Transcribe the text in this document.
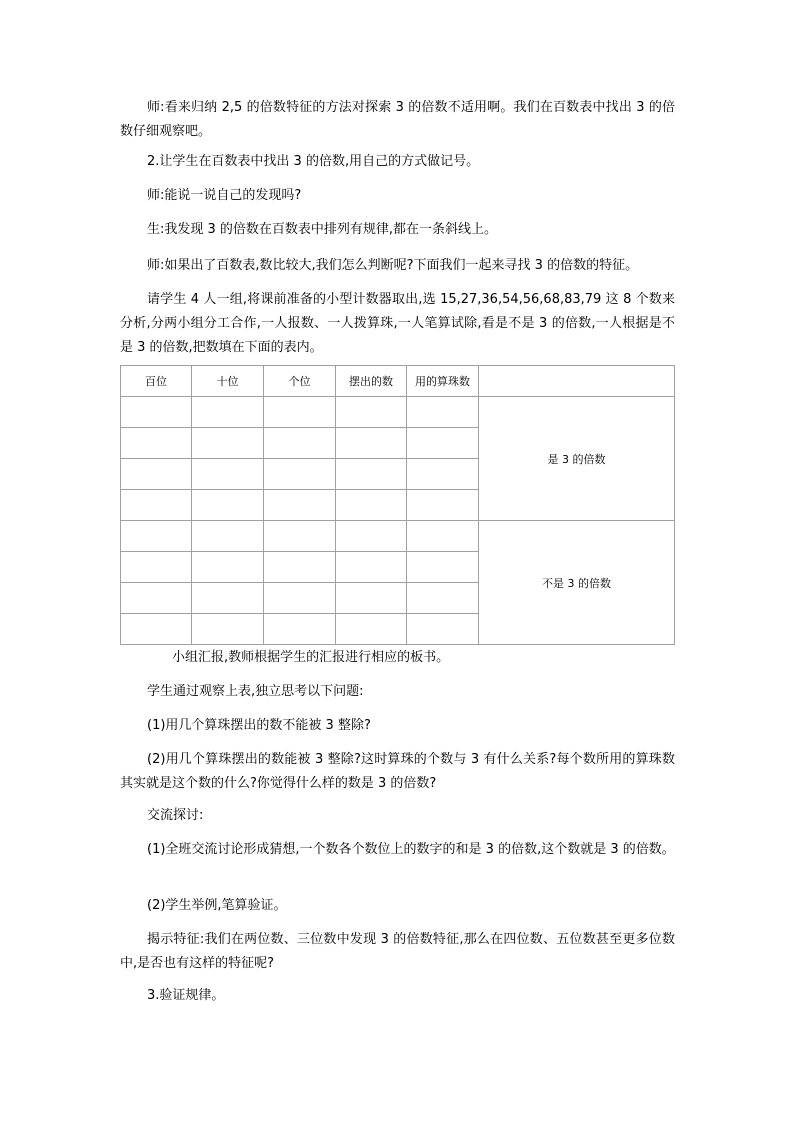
师:看来归纳 2,5 的倍数特征的方法对探索 3 的倍数不适用啊。我们在百数表中找出 3 的倍数仔细观察吧。

2.让学生在百数表中找出 3 的倍数,用自己的方式做记号。

师:能说一说自己的发现吗?

生:我发现 3 的倍数在百数表中排列有规律,都在一条斜线上。

师:如果出了百数表,数比较大,我们怎么判断呢?下面我们一起来寻找 3 的倍数的特征。

请学生 4 人一组,将课前准备的小型计数器取出,选 15,27,36,54,56,68,83,79 这 8 个数来分析,分两小组分工合作,一人报数、一人拨算珠,一人笔算试除,看是不是 3 的倍数,一人根据是不是 3 的倍数,把数填在下面的表内。

百位	十位	个位	摆出的数	用的算珠数	
					是 3 的倍数

					不是 3 的倍数

小组汇报,教师根据学生的汇报进行相应的板书。

学生通过观察上表,独立思考以下问题:

(1)用几个算珠摆出的数不能被 3 整除?

(2)用几个算珠摆出的数能被 3 整除?这时算珠的个数与 3 有什么关系?每个数所用的算珠数其实就是这个数的什么?你觉得什么样的数是 3 的倍数?

交流探讨:

(1)全班交流讨论形成猜想,一个数各个数位上的数字的和是 3 的倍数,这个数就是 3 的倍数。

(2)学生举例,笔算验证。

揭示特征:我们在两位数、三位数中发现 3 的倍数特征,那么在四位数、五位数甚至更多位数中,是否也有这样的特征呢?

3.验证规律。
